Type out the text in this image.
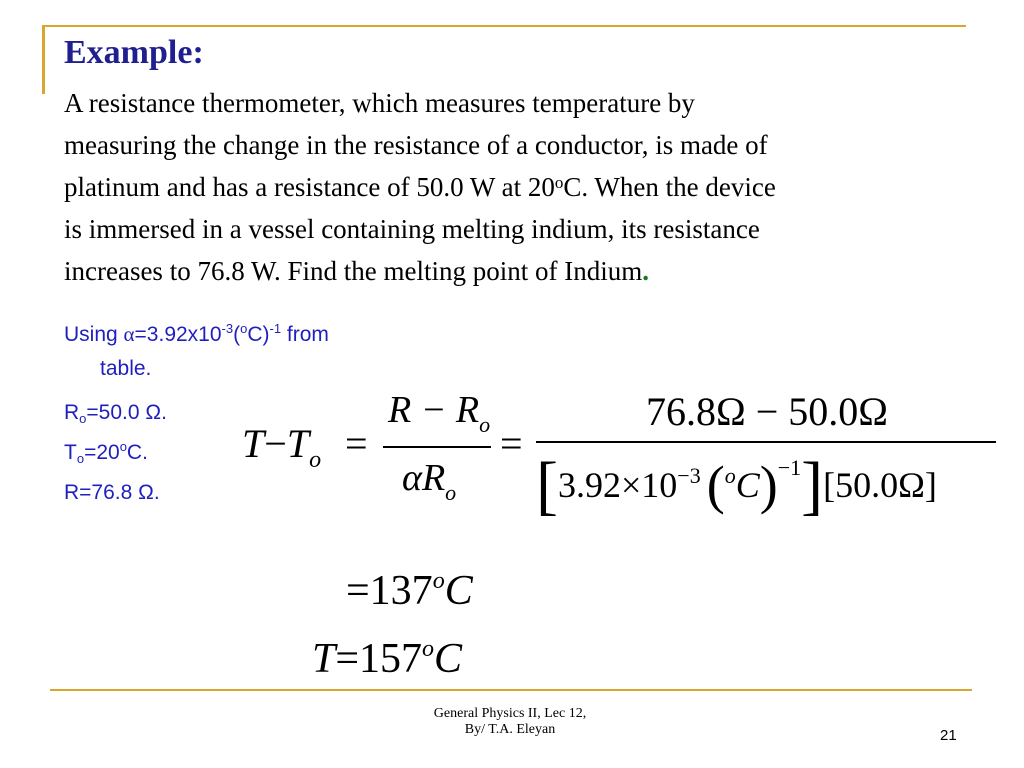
Example:
A resistance thermometer, which measures temperature by
measuring the change in the resistance of a conductor, is made of
platinum and has a resistance of 50.0 W at 20$^o$C. When the device
is immersed in a vessel containing melting indium, its resistance
increases to 76.8 W. Find the melting point of Indium.
Using $\alpha=3.92x10^{-3}(^oC)^{-1}$ from
table.
$R_o=50.0$ Ω.
$T_o=20^oC$.
R=76.8 Ω.
$T-T_o$ =
$R - R_o$
$\alpha R_o$
=
76.8Ω − 50.0Ω
[$3.92\times 10^{-3}$ $(^oC)^{-1}][50.0\Omega]$
$=137^oC$
$T=157^oC$
General Physics II, Lec 12,
By/ T.A. Eleyan	21
